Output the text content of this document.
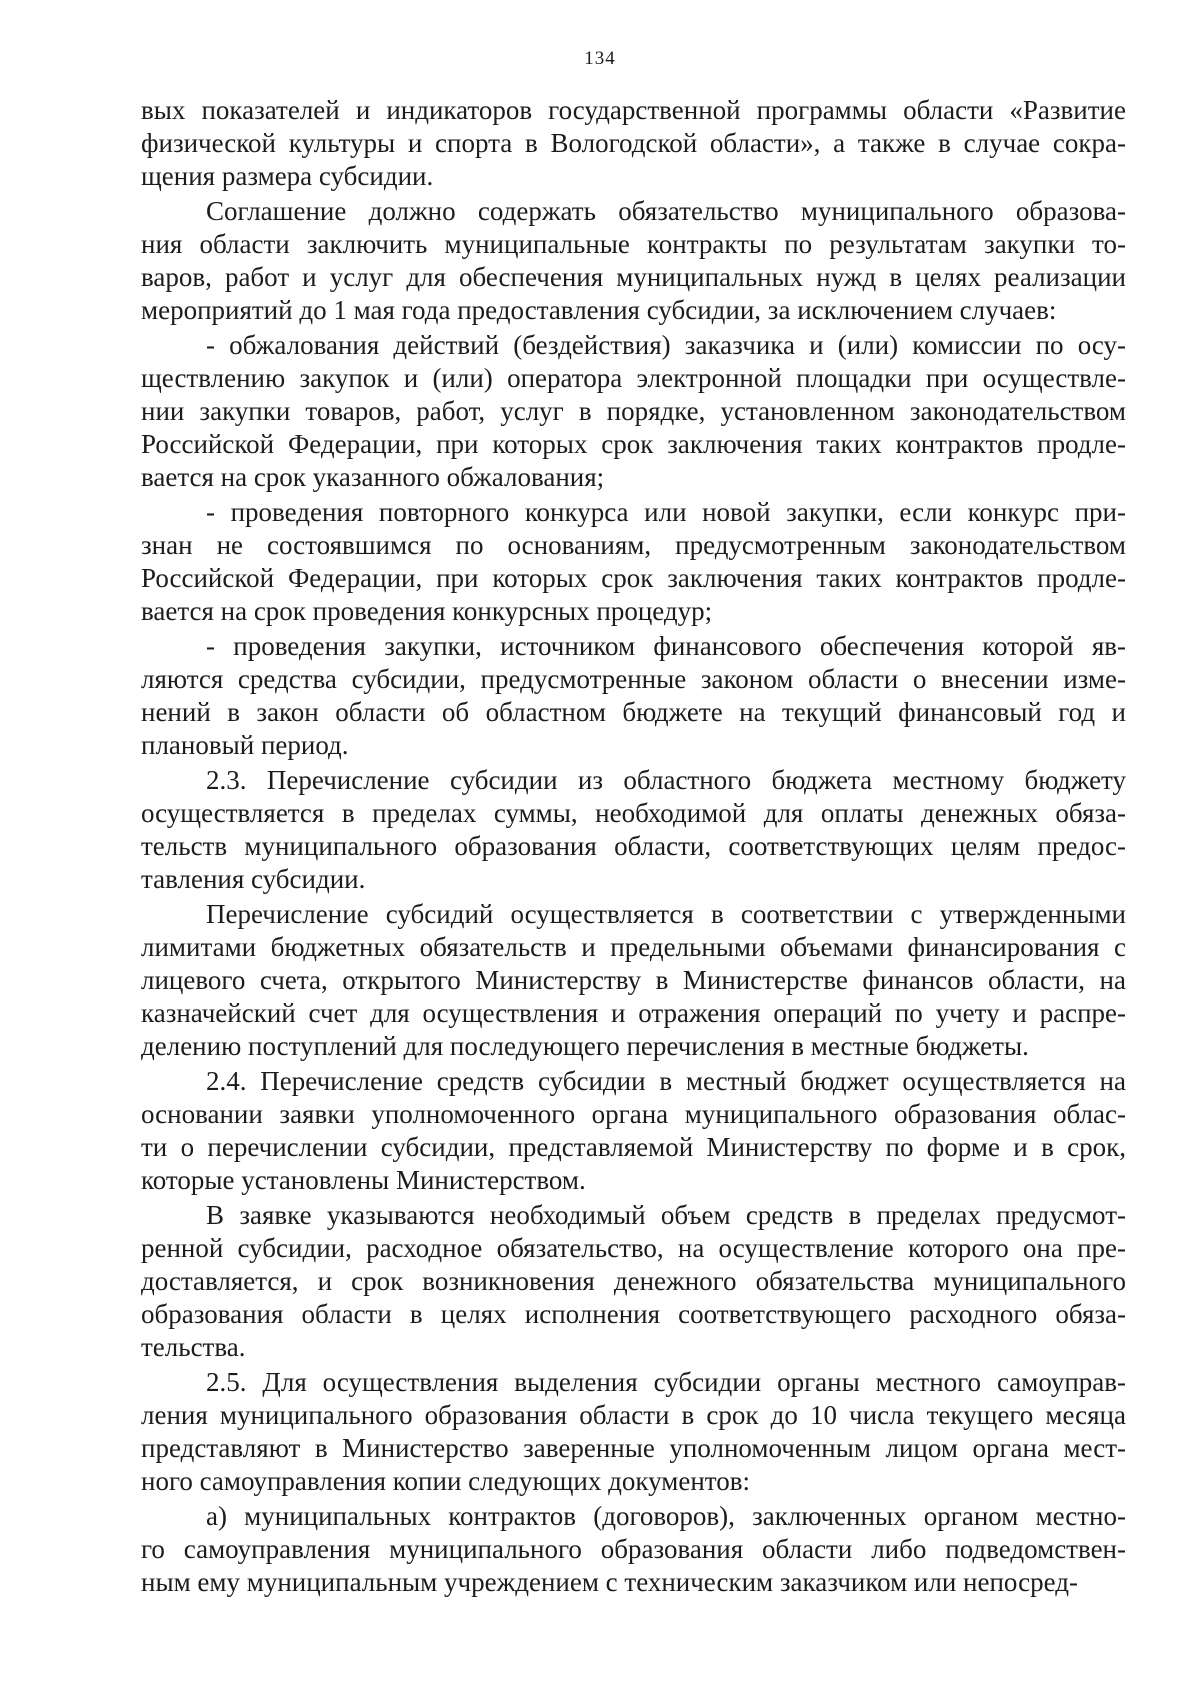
134
вых показателей и индикаторов государственной программы области «Развитие
физической культуры и спорта в Вологодской области», а также в случае сокра-
щения размера субсидии.
Соглашение должно содержать обязательство муниципального образова-
ния области заключить муниципальные контракты по результатам закупки то-
варов, работ и услуг для обеспечения муниципальных нужд в целях реализации
мероприятий до 1 мая года предоставления субсидии, за исключением случаев:
- обжалования действий (бездействия) заказчика и (или) комиссии по осу-
ществлению закупок и (или) оператора электронной площадки при осуществле-
нии закупки товаров, работ, услуг в порядке, установленном законодательством
Российской Федерации, при которых срок заключения таких контрактов продле-
вается на срок указанного обжалования;
- проведения повторного конкурса или новой закупки, если конкурс при-
знан не состоявшимся по основаниям, предусмотренным законодательством
Российской Федерации, при которых срок заключения таких контрактов продле-
вается на срок проведения конкурсных процедур;
- проведения закупки, источником финансового обеспечения которой яв-
ляются средства субсидии, предусмотренные законом области о внесении изме-
нений в закон области об областном бюджете на текущий финансовый год и
плановый период.
2.3. Перечисление субсидии из областного бюджета местному бюджету
осуществляется в пределах суммы, необходимой для оплаты денежных обяза-
тельств муниципального образования области, соответствующих целям предос-
тавления субсидии.
Перечисление субсидий осуществляется в соответствии с утвержденными
лимитами бюджетных обязательств и предельными объемами финансирования с
лицевого счета, открытого Министерству в Министерстве финансов области, на
казначейский счет для осуществления и отражения операций по учету и распре-
делению поступлений для последующего перечисления в местные бюджеты.
2.4. Перечисление средств субсидии в местный бюджет осуществляется на
основании заявки уполномоченного органа муниципального образования облас-
ти о перечислении субсидии, представляемой Министерству по форме и в срок,
которые установлены Министерством.
В заявке указываются необходимый объем средств в пределах предусмот-
ренной субсидии, расходное обязательство, на осуществление которого она пре-
доставляется, и срок возникновения денежного обязательства муниципального
образования области в целях исполнения соответствующего расходного обяза-
тельства.
2.5. Для осуществления выделения субсидии органы местного самоуправ-
ления муниципального образования области в срок до 10 числа текущего месяца
представляют в Министерство заверенные уполномоченным лицом органа мест-
ного самоуправления копии следующих документов:
а) муниципальных контрактов (договоров), заключенных органом местно-
го самоуправления муниципального образования области либо подведомствен-
ным ему муниципальным учреждением с техническим заказчиком или непосред-
